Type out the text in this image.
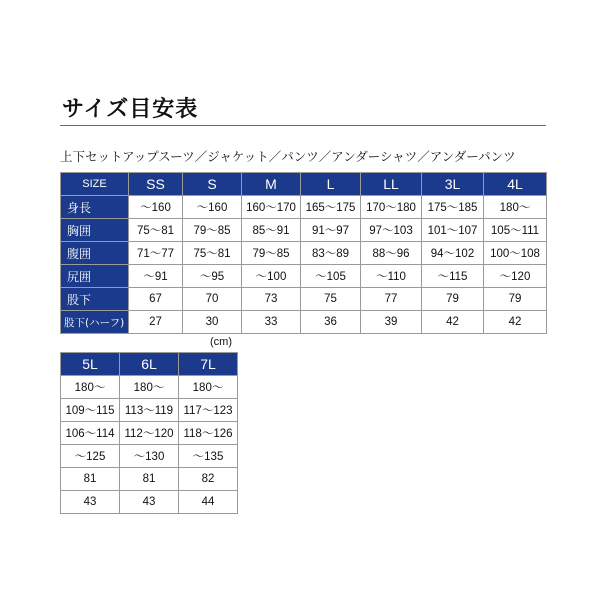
サイズ目安表
上下セットアップスーツ／ジャケット／パンツ／アンダーシャツ／アンダーパンツ
SIZE	SS	S	M	L	LL	3L	4L
身長	～160	～160	160～170	165～175	170～180	175～185	180～
胸囲	75～81	79～85	85～91	91～97	97～103	101～107	105～111
腹囲	71～77	75～81	79～85	83～89	88～96	94～102	100～108
尻囲	～91	～95	～100	～105	～110	～115	～120
股下	67	70	73	75	77	79	79
股下(ハーフ)	27	30	33	36	39	42	42
(cm)
5L	6L	7L
180～	180～	180～
109～115	113～119	117～123
106～114	112～120	118～126
～125	～130	～135
81	81	82
43	43	44
